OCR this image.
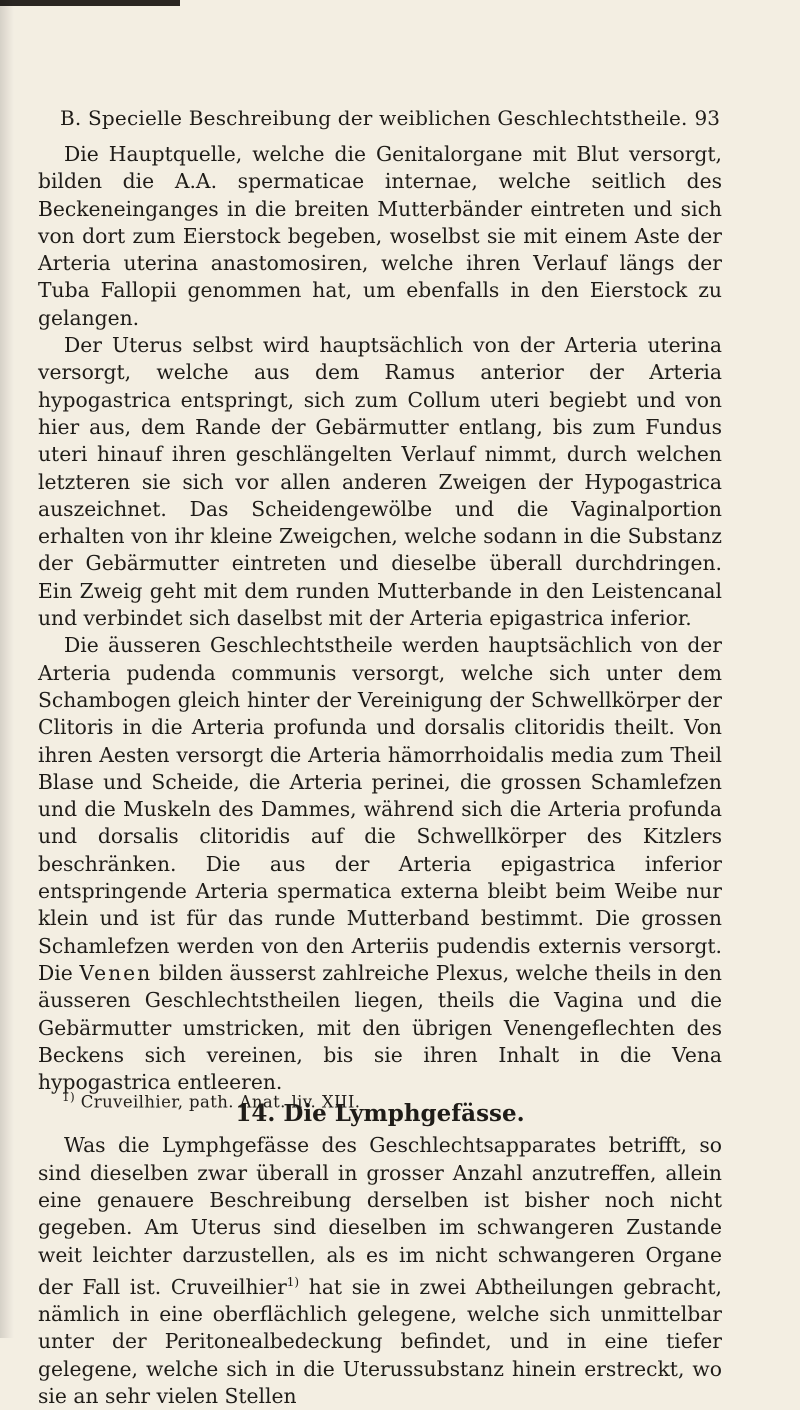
B. Specielle Beschreibung der weiblichen Geschlechtstheile. 93

Die Hauptquelle, welche die Genitalorgane mit Blut versorgt, bilden die A.A. spermaticae internae, welche seitlich des Beckeneinganges in die breiten Mutterbänder eintreten und sich von dort zum Eierstock begeben, woselbst sie mit einem Aste der Arteria uterina anastomosiren, welche ihren Verlauf längs der Tuba Fallopii genommen hat, um ebenfalls in den Eierstock zu gelangen.

Der Uterus selbst wird hauptsächlich von der Arteria uterina versorgt, welche aus dem Ramus anterior der Arteria hypogastrica entspringt, sich zum Collum uteri begiebt und von hier aus, dem Rande der Gebärmutter entlang, bis zum Fundus uteri hinauf ihren geschlängelten Verlauf nimmt, durch welchen letzteren sie sich vor allen anderen Zweigen der Hypogastrica auszeichnet. Das Scheidengewölbe und die Vaginalportion erhalten von ihr kleine Zweigchen, welche sodann in die Substanz der Gebärmutter eintreten und dieselbe überall durchdringen. Ein Zweig geht mit dem runden Mutterbande in den Leistencanal und verbindet sich daselbst mit der Arteria epigastrica inferior.

Die äusseren Geschlechtstheile werden hauptsächlich von der Arteria pudenda communis versorgt, welche sich unter dem Schambogen gleich hinter der Vereinigung der Schwellkörper der Clitoris in die Arteria profunda und dorsalis clitoridis theilt. Von ihren Aesten versorgt die Arteria hämorrhoidalis media zum Theil Blase und Scheide, die Arteria perinei, die grossen Schamlefzen und die Muskeln des Dammes, während sich die Arteria profunda und dorsalis clitoridis auf die Schwellkörper des Kitzlers beschränken. Die aus der Arteria epigastrica inferior entspringende Arteria spermatica externa bleibt beim Weibe nur klein und ist für das runde Mutterband bestimmt. Die grossen Schamlefzen werden von den Arteriis pudendis externis versorgt. Die Venen bilden äusserst zahlreiche Plexus, welche theils in den äusseren Geschlechtstheilen liegen, theils die Vagina und die Gebärmutter umstricken, mit den übrigen Venengeflechten des Beckens sich vereinen, bis sie ihren Inhalt in die Vena hypogastrica entleeren.

14. Die Lymphgefässe.

Was die Lymphgefässe des Geschlechtsapparates betrifft, so sind dieselben zwar überall in grosser Anzahl anzutreffen, allein eine genauere Beschreibung derselben ist bisher noch nicht gegeben. Am Uterus sind dieselben im schwangeren Zustande weit leichter darzustellen, als es im nicht schwangeren Organe der Fall ist. Cruveilhier$^{1)}$ hat sie in zwei Abtheilungen gebracht, nämlich in eine oberflächlich gelegene, welche sich unmittelbar unter der Peritonealbedeckung befindet, und in eine tiefer gelegene, welche sich in die Uterussubstanz hinein erstreckt, wo sie an sehr vielen Stellen

$^{1)}$ Cruveilhier, path. Anat. liv. XIII.
